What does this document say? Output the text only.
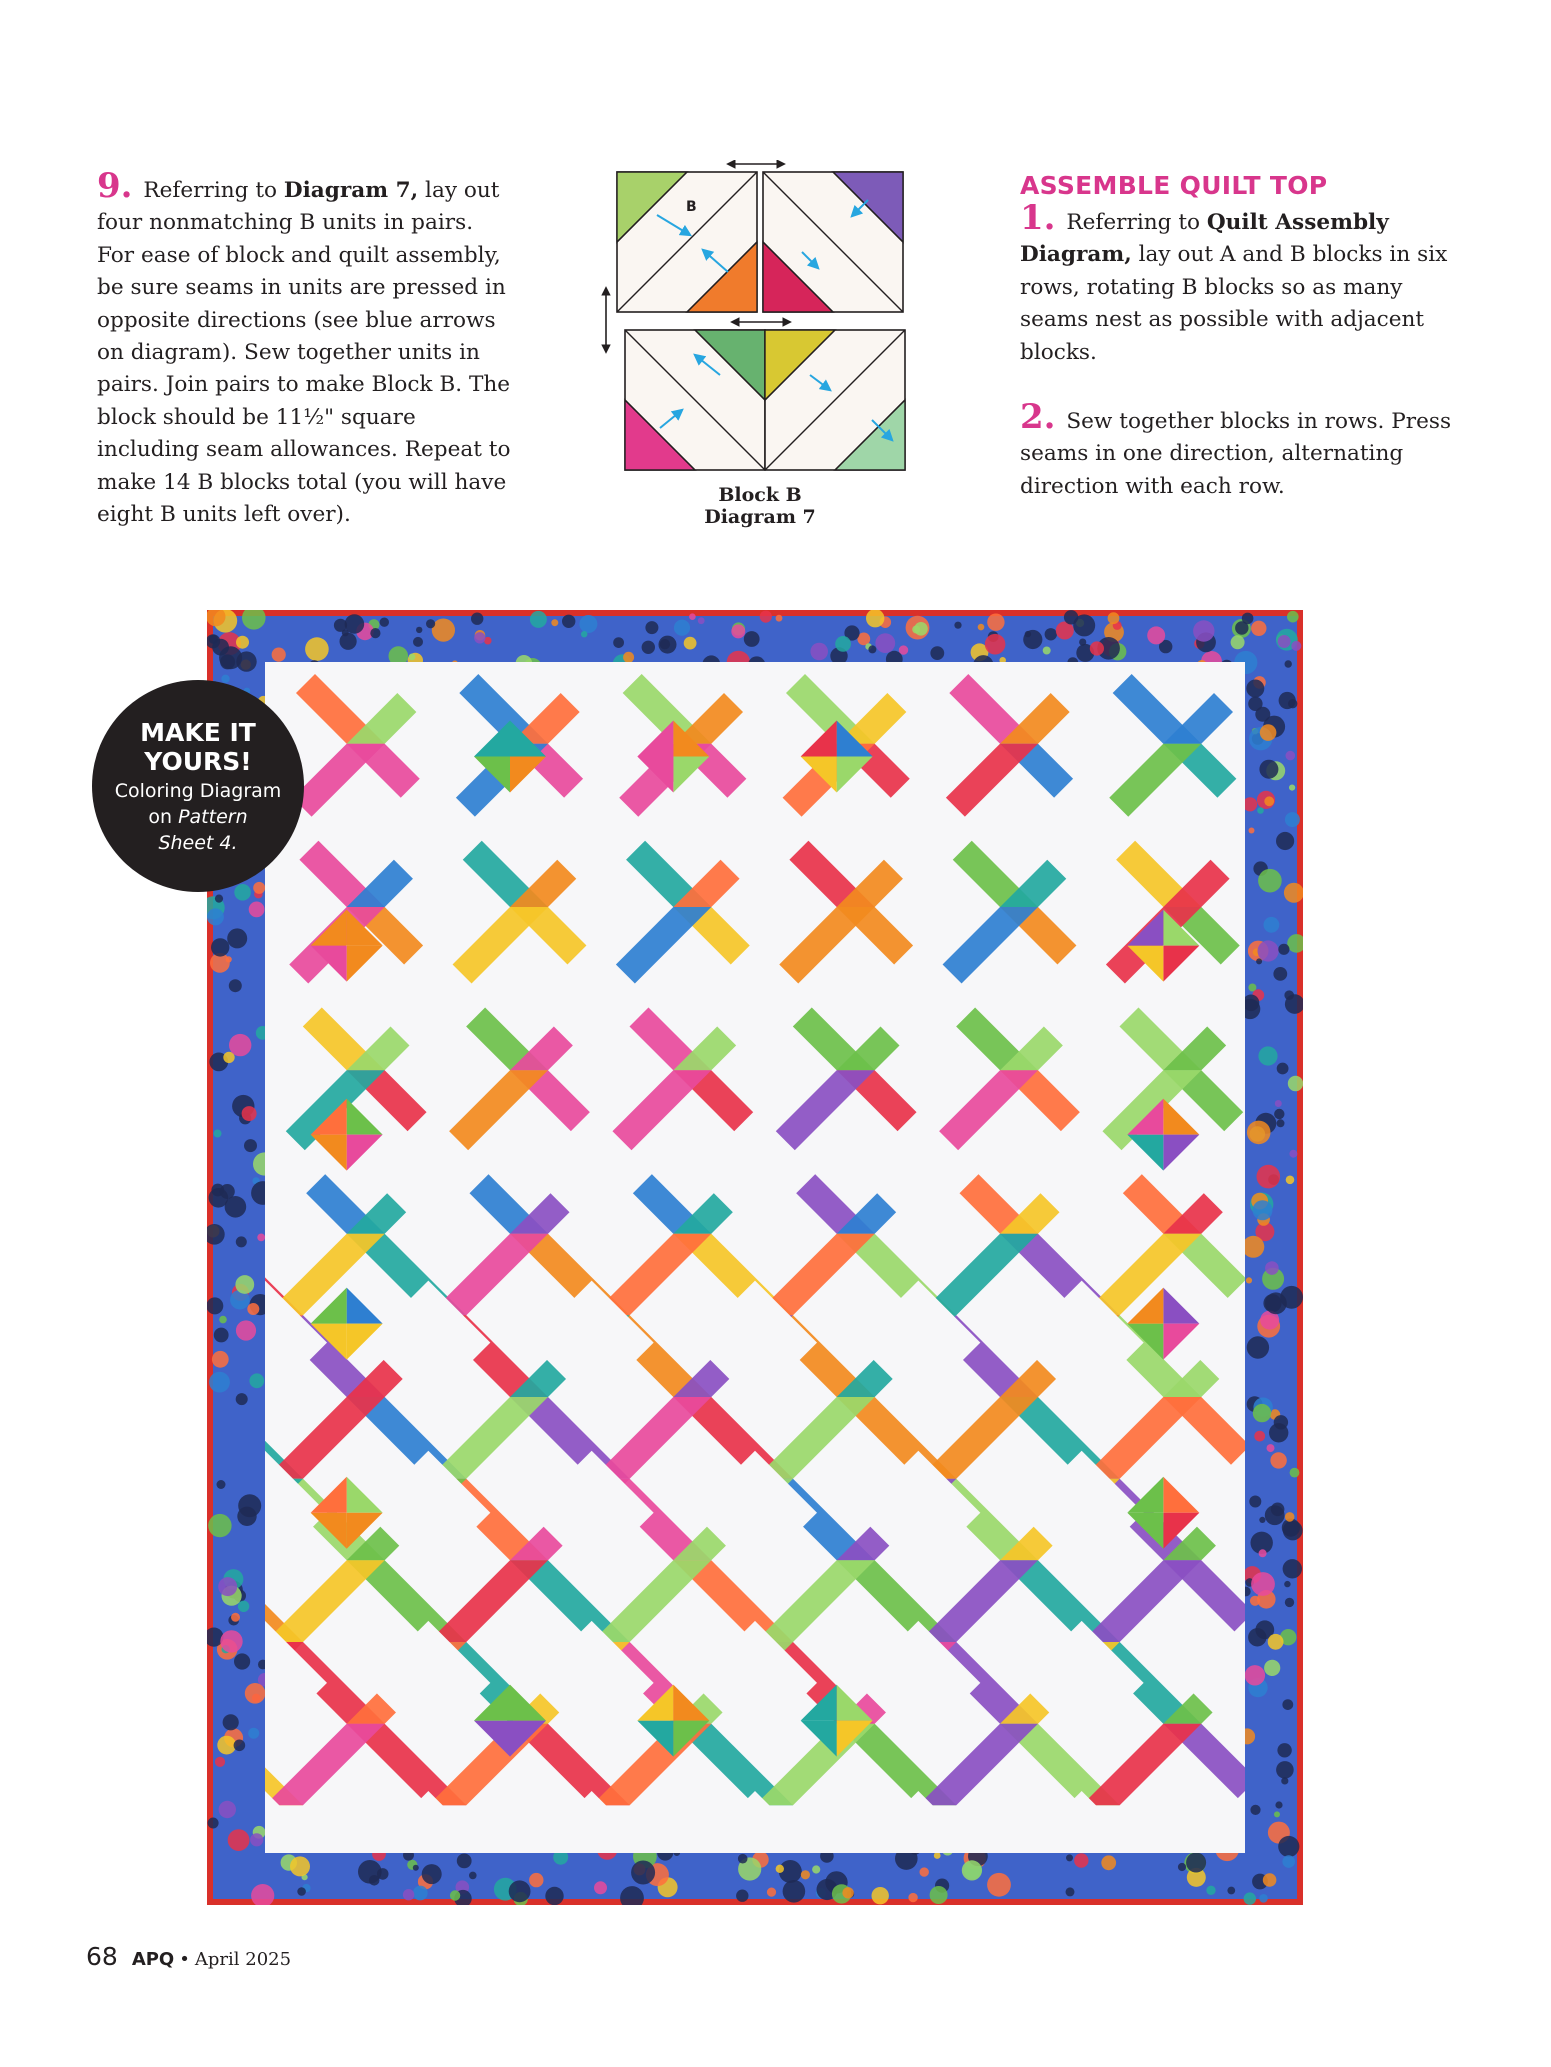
9. Referring to Diagram 7, lay out four nonmatching B units in pairs. For ease of block and quilt assembly, be sure seams in units are pressed in opposite directions (see blue arrows on diagram). Sew together units in pairs. Join pairs to make Block B. The block should be 11½" square including seam allowances. Repeat to make 14 B blocks total (you will have eight B units left over).

B
Block B
Diagram 7
ASSEMBLE QUILT TOP

1. Referring to Quilt Assembly Diagram, lay out A and B blocks in six rows, rotating B blocks so as many seams nest as possible with adjacent blocks.

2. Sew together blocks in rows. Press seams in one direction, alternating direction with each row.

MAKE IT
YOURS!
Coloring Diagram
on Pattern
Sheet 4.
68 APQ • April 2025
